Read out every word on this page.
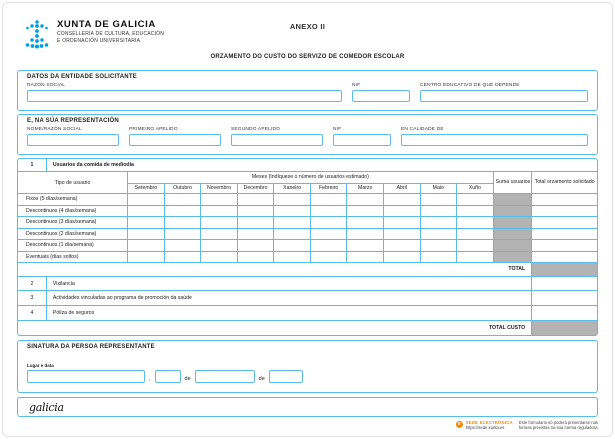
XUNTA DE GALICIA
CONSELLERÍA DE CULTURA, EDUCACIÓN
E ORDENACIÓN UNIVERSITARIA
ANEXO II
ORZAMENTO DO CUSTO DO SERVIZO DE COMEDOR ESCOLAR
DATOS DA ENTIDADE SOLICITANTE
RAZÓN SOCIAL	NIF	CENTRO EDUCATIVO DE QUE DEPENDE
E, NA SÚA REPRESENTACIÓN
NOME/RAZÓN SOCIAL	PRIMEIRO APELIDO	SEGUNDO APELIDO	NIF	EN CALIDADE DE
1	Usuarios da comida de mediodía												
Tipo de usuario		Meses (Indíquese o número de usuarios estimado)										Suma usuarios	Total orzamento solicitado
		Setembro	Outubro	Novembro	Decembro	Xaneiro	Febreiro	Marzo	Abril	Maio	Xuño		
Fixos (5 días/semana)													
Descontinuos (4 días/semana)													
Descontinuos (3 días/semana)													
Descontinuos (2 días/semana)													
Descontinuos (1 día/semana)													
Eventuais (días soltos)													
TOTAL													
2	Vixilancia												
3	Actividades vinculadas ao programa de promoción da saúde												
4	Póliza de seguros												
TOTAL CUSTO													
SINATURA DA PERSOA REPRESENTANTE
Lugar e data
,	de	de
galicia
e	SEDE ELECTRÓNICA
https://sede.xunta.es
Este formulario só poderá presentarse nas
formas previstas na súa norma reguladora
